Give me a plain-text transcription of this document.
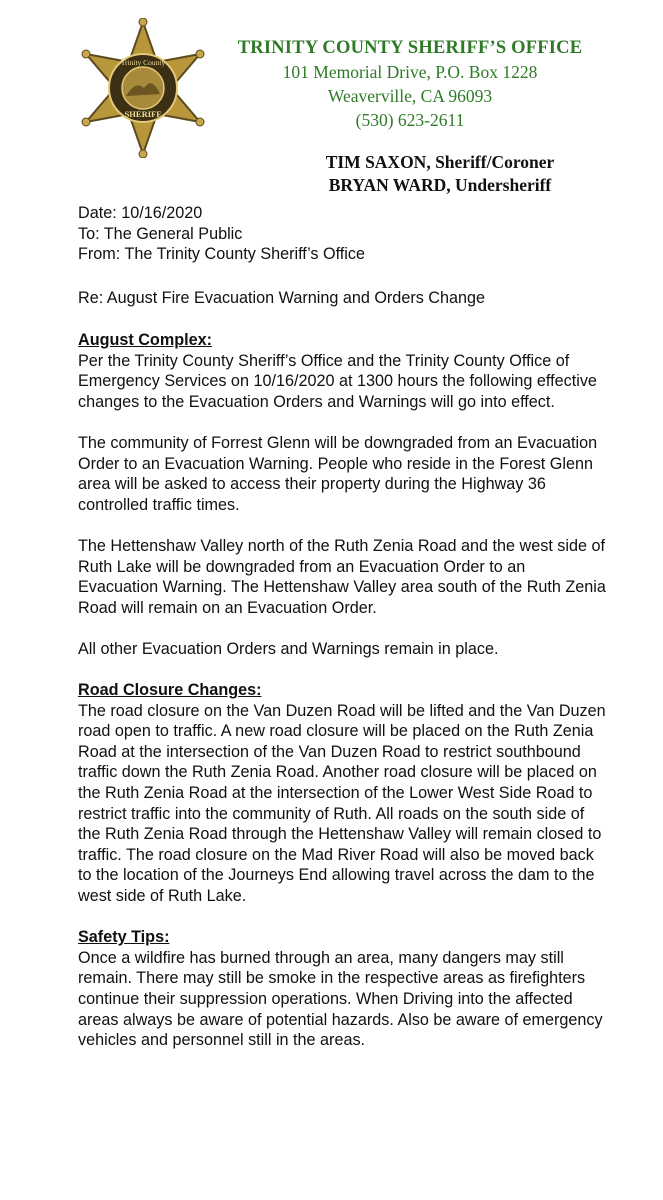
Trinity County
SHERIFF
TRINITY COUNTY SHERIFF’S OFFICE
101 Memorial Drive, P.O. Box 1228
Weaverville, CA 96093
(530) 623-2611
TIM SAXON, Sheriff/Coroner
BRYAN WARD, Undersheriff
Date: 10/16/2020
To: The General Public
From: The Trinity County Sheriff’s Office
Re: August Fire Evacuation Warning and Orders Change
August Complex:

Per the Trinity County Sheriff’s Office and the Trinity County Office of Emergency Services on 10/16/2020 at 1300 hours the following effective changes to the Evacuation Orders and Warnings will go into effect.

The community of Forrest Glenn will be downgraded from an Evacuation Order to an Evacuation Warning. People who reside in the Forest Glenn area will be asked to access their property during the Highway 36 controlled traffic times.

The Hettenshaw Valley north of the Ruth Zenia Road and the west side of Ruth Lake will be downgraded from an Evacuation Order to an Evacuation Warning. The Hettenshaw Valley area south of the Ruth Zenia Road will remain on an Evacuation Order.

All other Evacuation Orders and Warnings remain in place.

Road Closure Changes:

The road closure on the Van Duzen Road will be lifted and the Van Duzen road open to traffic. A new road closure will be placed on the Ruth Zenia Road at the intersection of the Van Duzen Road to restrict southbound traffic down the Ruth Zenia Road. Another road closure will be placed on the Ruth Zenia Road at the intersection of the Lower West Side Road to restrict traffic into the community of Ruth. All roads on the south side of the Ruth Zenia Road through the Hettenshaw Valley will remain closed to traffic. The road closure on the Mad River Road will also be moved back to the location of the Journeys End allowing travel across the dam to the west side of Ruth Lake.

Safety Tips:

Once a wildfire has burned through an area, many dangers may still remain. There may still be smoke in the respective areas as firefighters continue their suppression operations. When Driving into the affected areas always be aware of potential hazards. Also be aware of emergency vehicles and personnel still in the areas.
